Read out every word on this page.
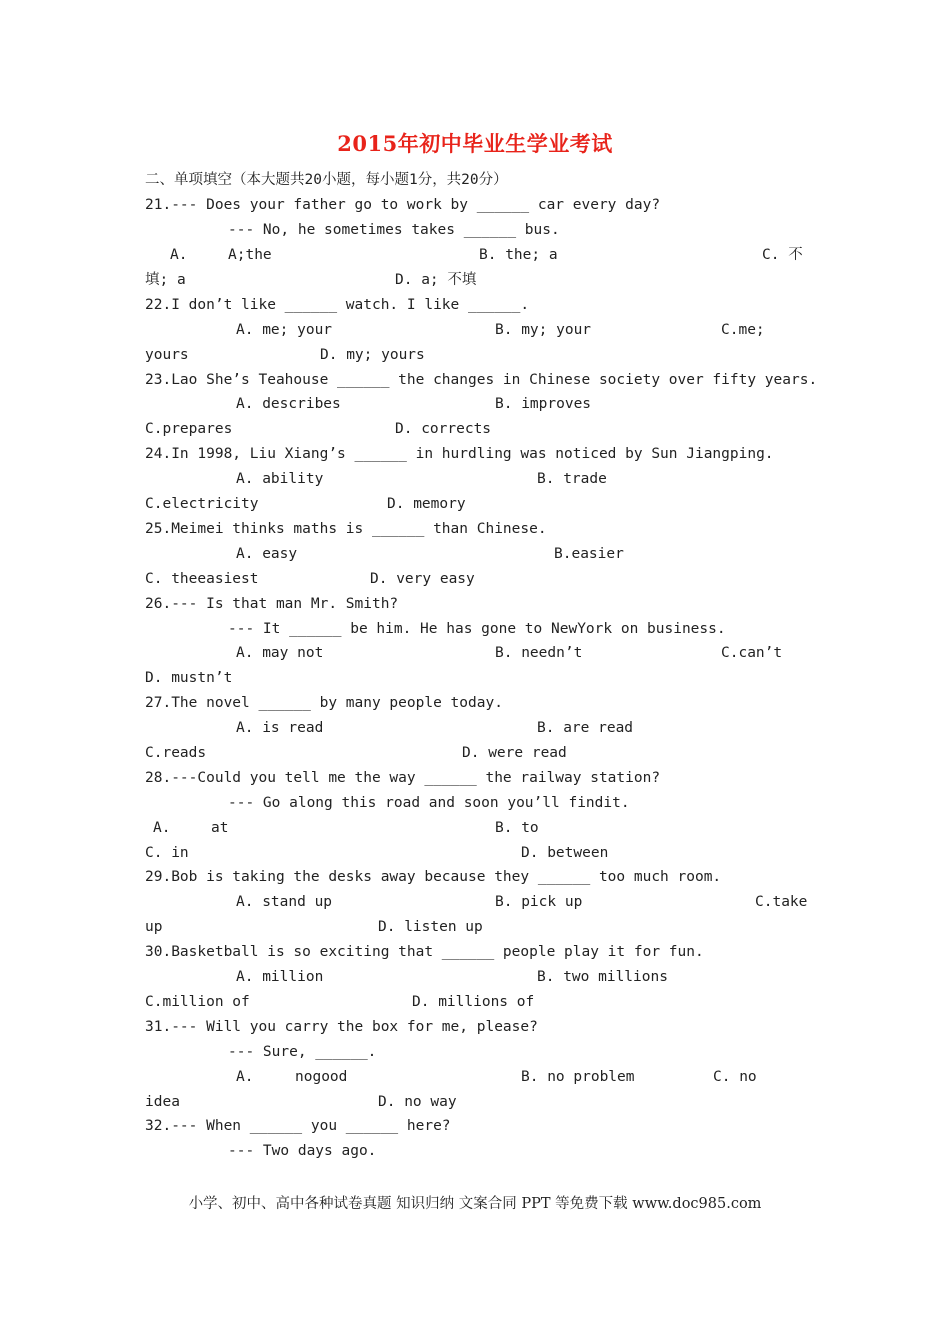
2015年初中毕业生学业考试
二、单项填空（本大题共20小题，每小题1分，共20分）
21.--- Does your father go to work by ______ car every day?
--- No, he sometimes takes ______ bus.
A.	A;the	B. the; a	C. 不
填; a	D. a; 不填
22.I don’t like ______ watch. I like ______.
A. me; your	B. my; your	C.me;
yours	D. my; yours
23.Lao She’s Teahouse ______ the changes in Chinese society over fifty years.
A. describes	B. improves
C.prepares	D. corrects
24.In 1998, Liu Xiang’s ______ in hurdling was noticed by Sun Jiangping.
A. ability	B. trade
C.electricity	D. memory
25.Meimei thinks maths is ______ than Chinese.
A. easy	B.easier
C. theeasiest	D. very easy
26.--- Is that man Mr. Smith?
--- It ______ be him. He has gone to NewYork on business.
A. may not	B. needn’t	C.can’t
D. mustn’t
27.The novel ______ by many people today.
A. is read	B. are read
C.reads	D. were read
28.---Could you tell me the way ______ the railway station?
--- Go along this road and soon you’ll findit.
A.	at	B. to
C. in	D. between
29.Bob is taking the desks away because they ______ too much room.
A. stand up	B. pick up	C.take
up	D. listen up
30.Basketball is so exciting that ______ people play it for fun.
A. million	B. two millions
C.million of	D. millions of
31.--- Will you carry the box for me, please?
--- Sure, ______.
A.	nogood	B. no problem	C. no
idea	D. no way
32.--- When ______ you ______ here?
--- Two days ago.
小学、初中、高中各种试卷真题 知识归纳 文案合同 PPT 等免费下载 www.doc985.com
